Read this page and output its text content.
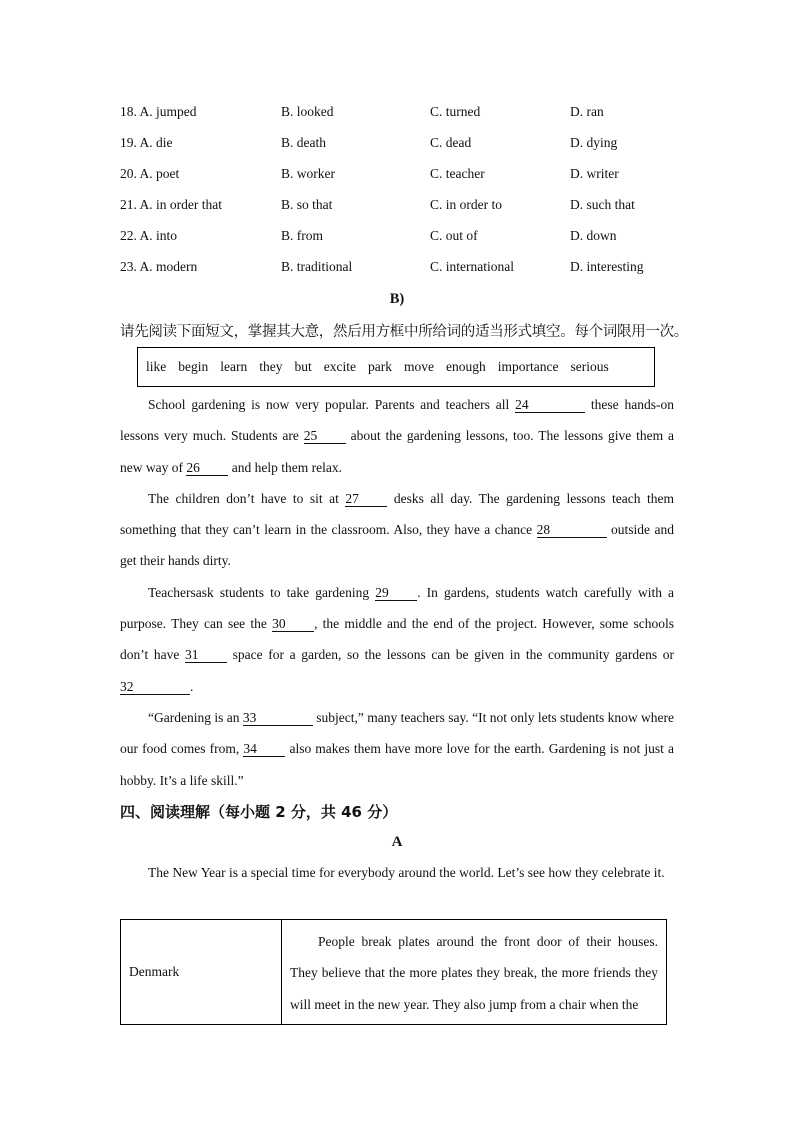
18. A. jumped	B. looked	C. turned	D. ran
19. A. die	B. death	C. dead	D. dying
20. A. poet	B. worker	C. teacher	D. writer
21. A. in order that	B. so that	C. in order to	D. such that
22. A. into	B. from	C. out of	D. down
23. A. modern	B. traditional	C. international	D. interesting
B)
请先阅读下面短文，掌握其大意，然后用方框中所给词的适当形式填空。每个词限用一次。
like begin learn they but excite park move enough importance serious

School gardening is now very popular. Parents and teachers all 24	these hands-on lessons very much. Students are 25 about the gardening lessons, too. The lessons give them a new way of 26 and help them relax.

The children don’t have to sit at 27 desks all day. The gardening lessons teach them something that they can’t learn in the classroom. Also, they have a chance 28	outside and get their hands dirty.

Teachersask students to take gardening 29 . In gardens, students watch carefully with a purpose. They can see the 30 , the middle and the end of the project. However, some schools don’t have 31 space for a garden, so the lessons can be given in the community gardens or 32	.

“Gardening is an 33	subject,” many teachers say. “It not only lets students know where our food comes from, 34 also makes them have more love for the earth. Gardening is not just a hobby. It’s a life skill.”

四、阅读理解（每小题 2 分，共 46 分）
A

The New Year is a special time for everybody around the world. Let’s see how they celebrate it.

Denmark
People break plates around the front door of their houses. They believe that the more plates they break, the more friends they will meet in the new year. They also jump from a chair when the
